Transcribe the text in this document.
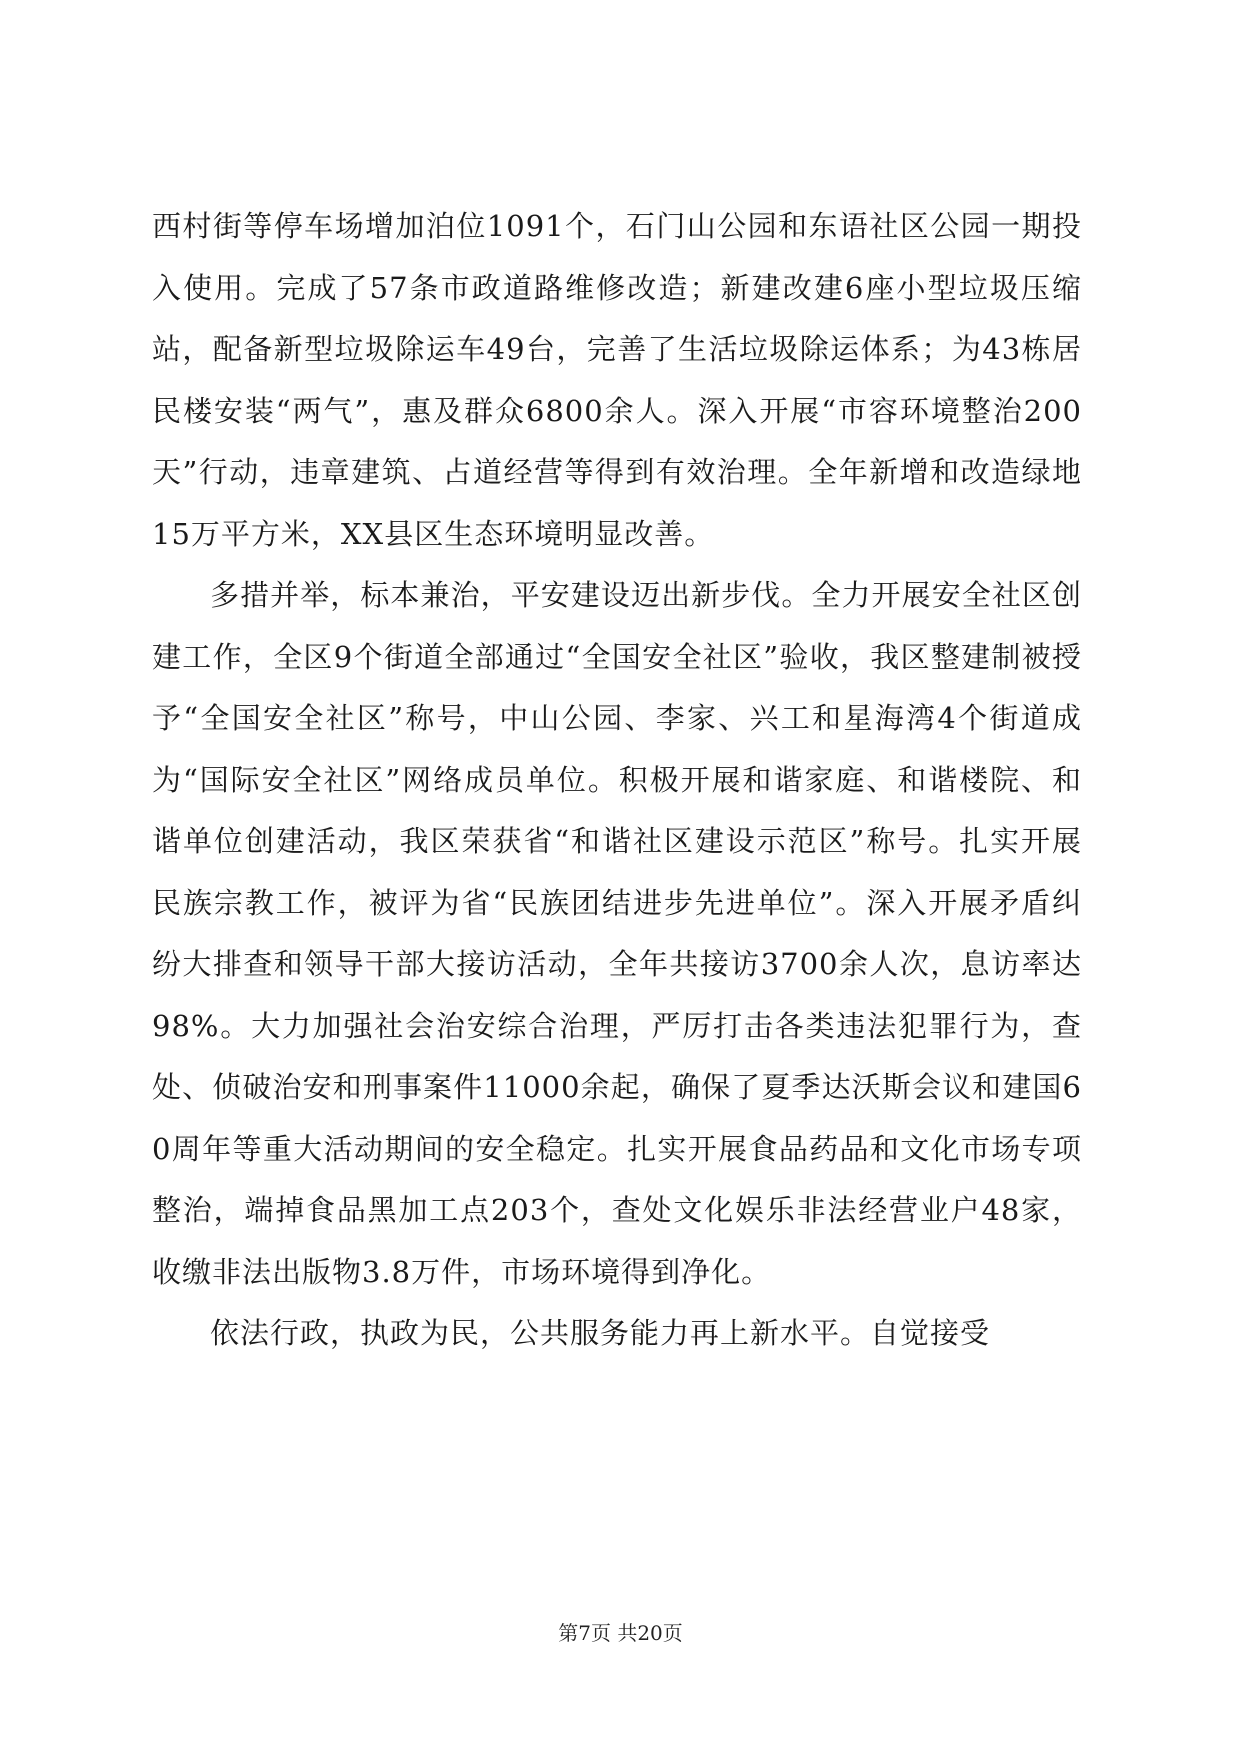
西村街等停车场增加泊位1091个，石门山公园和东语社区公园一期投入使用。完成了57条市政道路维修改造；新建改建6座小型垃圾压缩站，配备新型垃圾除运车49台，完善了生活垃圾除运体系；为43栋居民楼安装“两气”，惠及群众6800余人。深入开展“市容环境整治200天”行动，违章建筑、占道经营等得到有效治理。全年新增和改造绿地15万平方米，XX县区生态环境明显改善。

多措并举，标本兼治，平安建设迈出新步伐。全力开展安全社区创建工作，全区9个街道全部通过“全国安全社区”验收，我区整建制被授予“全国安全社区”称号，中山公园、李家、兴工和星海湾4个街道成为“国际安全社区”网络成员单位。积极开展和谐家庭、和谐楼院、和谐单位创建活动，我区荣获省“和谐社区建设示范区”称号。扎实开展民族宗教工作，被评为省“民族团结进步先进单位”。深入开展矛盾纠纷大排查和领导干部大接访活动，全年共接访3700余人次，息访率达98%。大力加强社会治安综合治理，严厉打击各类违法犯罪行为，查处、侦破治安和刑事案件11000余起，确保了夏季达沃斯会议和建国60周年等重大活动期间的安全稳定。扎实开展食品药品和文化市场专项整治，端掉食品黑加工点203个，查处文化娱乐非法经营业户48家，收缴非法出版物3.8万件，市场环境得到净化。

依法行政，执政为民，公共服务能力再上新水平。自觉接受

第7页 共20页
